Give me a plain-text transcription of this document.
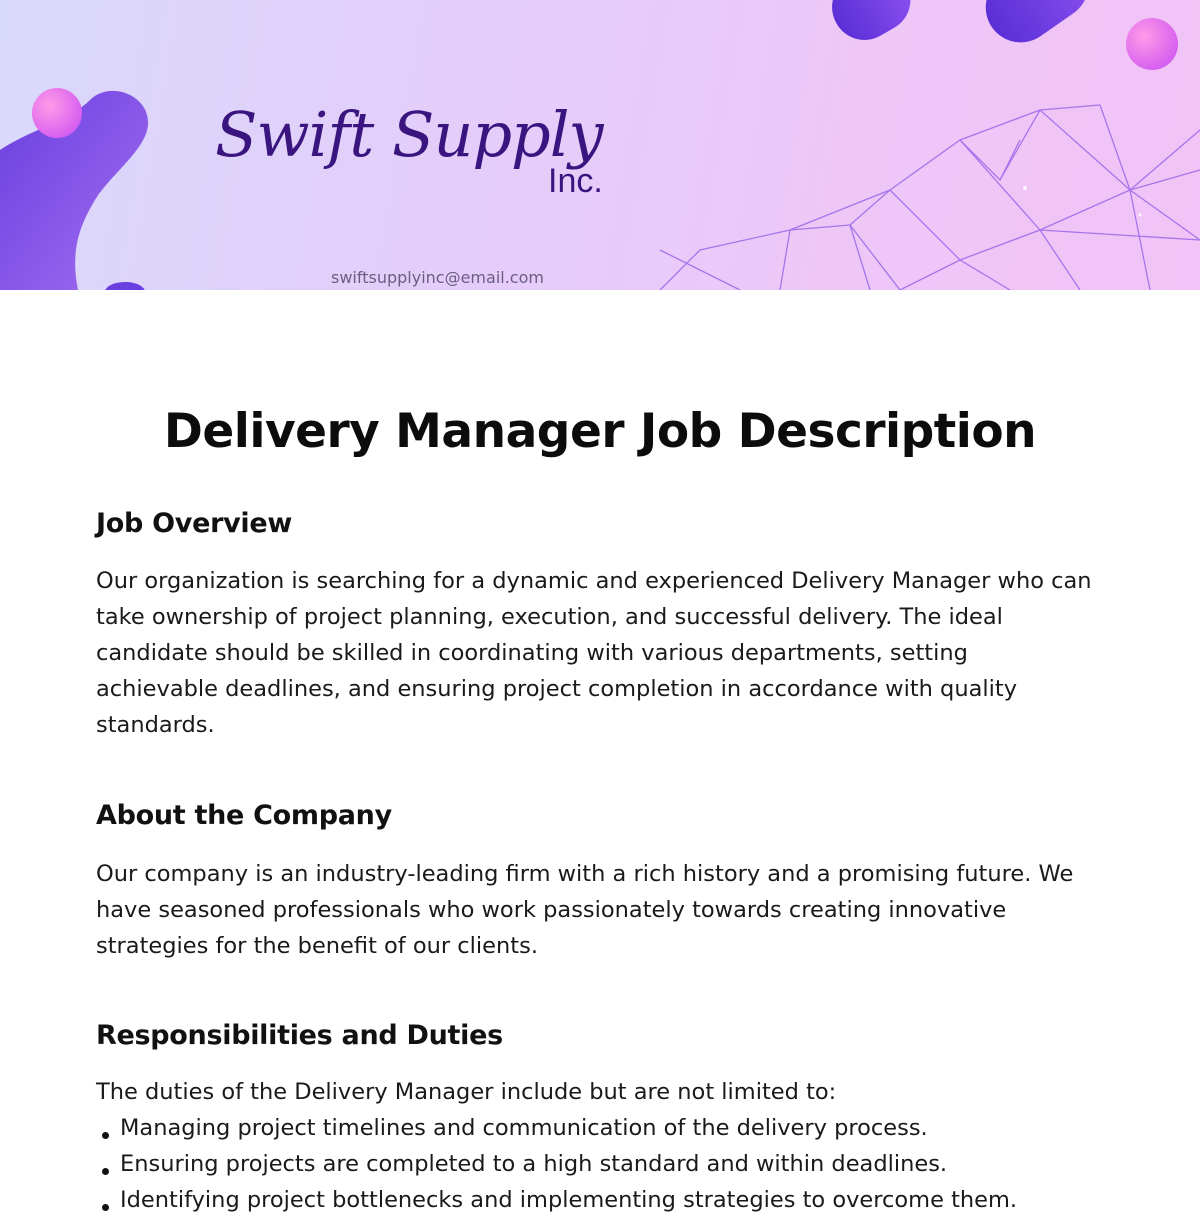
Swift Supply
Inc.
swiftsupplyinc@email.com
Delivery Manager Job Description
Job Overview

Our organization is searching for a dynamic and experienced Delivery Manager who can take ownership of project planning, execution, and successful delivery. The ideal candidate should be skilled in coordinating with various departments, setting achievable deadlines, and ensuring project completion in accordance with quality standards.

About the Company

Our company is an industry-leading firm with a rich history and a promising future. We have seasoned professionals who work passionately towards creating innovative strategies for the benefit of our clients.

Responsibilities and Duties

The duties of the Delivery Manager include but are not limited to:

Managing project timelines and communication of the delivery process.
Ensuring projects are completed to a high standard and within deadlines.
Identifying project bottlenecks and implementing strategies to overcome them.
